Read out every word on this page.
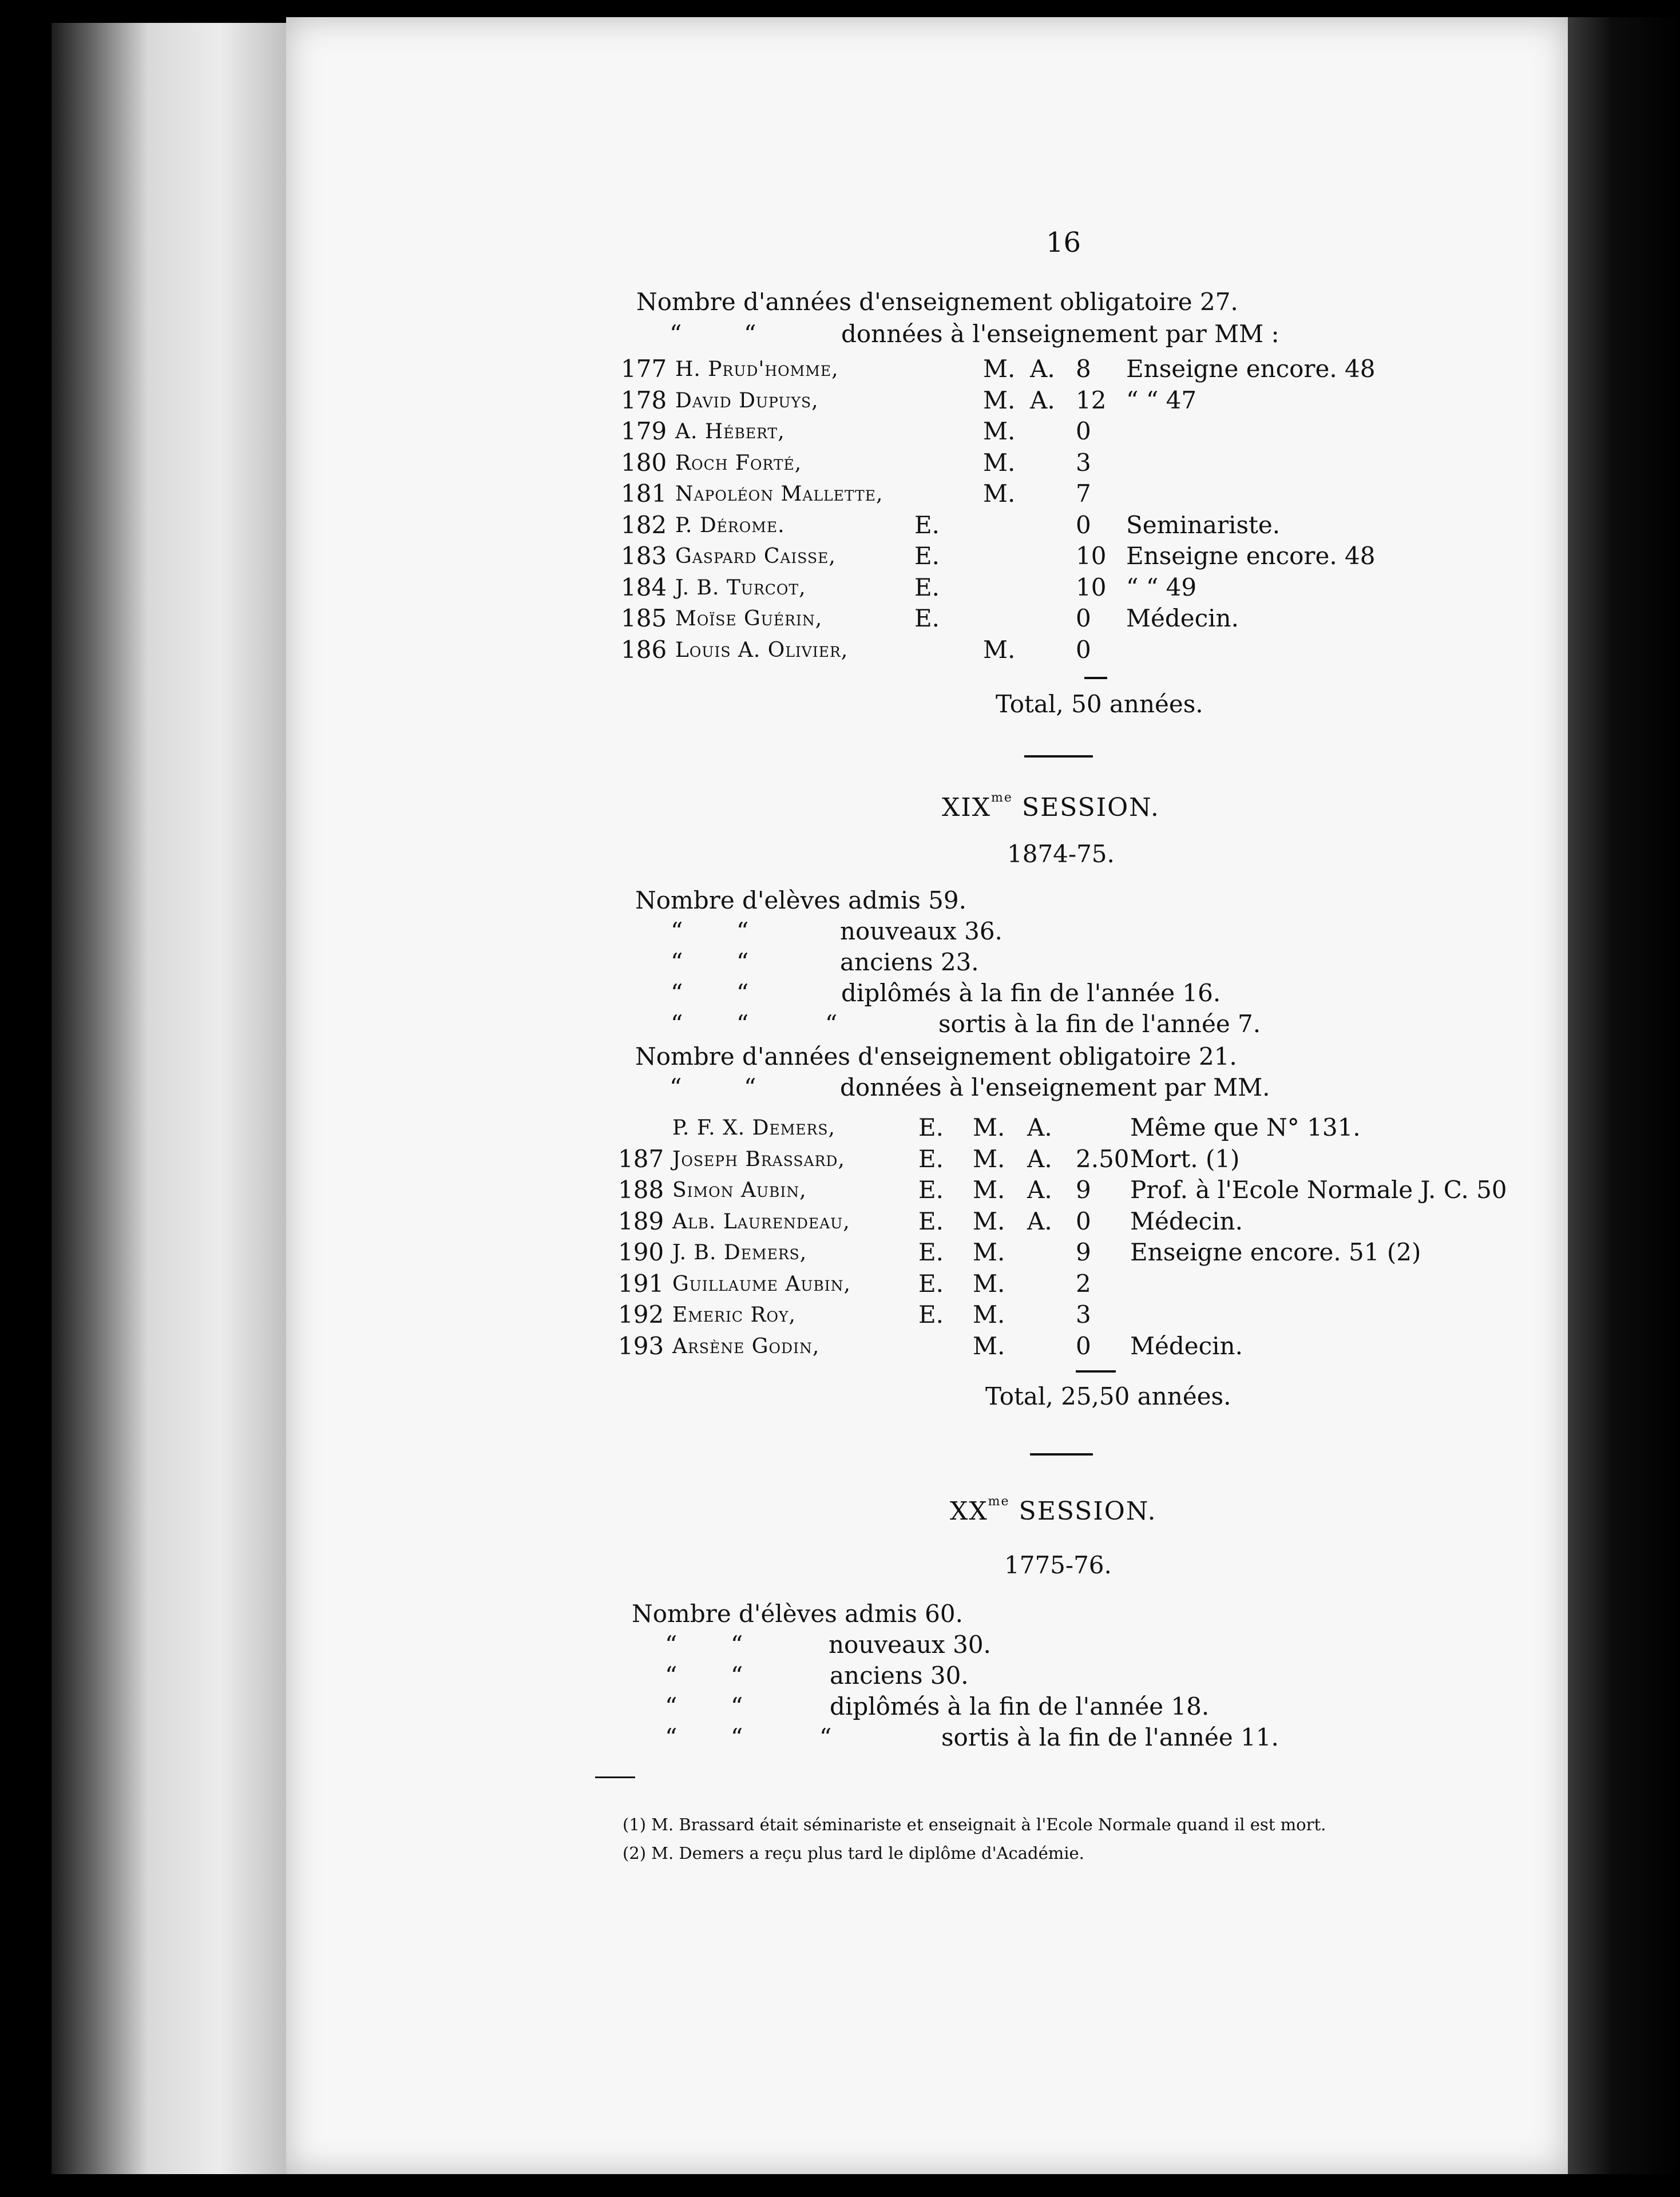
16
Nombre d'années d'enseignement obligatoire 27.
“	“	données à l'enseignement par MM :
177 H. Prud'homme,	M. A. 8 Enseigne encore. 48
178 David Dupuys,	M. A. 12 “ “ 47
179 A. Hébert,	M.	0
180 Roch Forté,	M.	3
181 Napoléon Mallette,	M.	7
182 P. Dérome.	E.	0 Seminariste.
183 Gaspard Caisse,	E.	10 Enseigne encore. 48
184 J. B. Turcot,	E.	10 “ “ 49
185 Moïse Guérin,	E.	0 Médecin.
186 Louis A. Olivier,	M.	0
Total, 50 années.
$XIX^{me}$ SESSION.
1874-75.
Nombre d'elèves admis 59.
“       “	nouveaux 36.
“       “	anciens 23.
“       “	diplômés à la fin de l'année 16.
“       “          “	sortis à la fin de l'année 7.
Nombre d'années d'enseignement obligatoire 21.
“	“	données à l'enseignement par MM.
P. F. X. Demers,	E. M. A.	Même que N° 131.
187 Joseph Brassard,	E. M. A. 2.50 Mort. (1)
188 Simon Aubin,	E. M. A. 9 Prof. à l'Ecole Normale J. C. 50
189 Alb. Laurendeau,	E. M. A. 0 Médecin.
190 J. B. Demers,	E. M.	9 Enseigne encore. 51 (2)
191 Guillaume Aubin,	E. M.	2
192 Emeric Roy,	E. M.	3
193 Arsène Godin,	M.	0 Médecin.
Total, 25,50 années.
$XX^{me}$ SESSION.
1775-76.
Nombre d'élèves admis 60.
“       “	nouveaux 30.
“       “	anciens 30.
“       “	diplômés à la fin de l'année 18.
“       “          “	sortis à la fin de l'année 11.
(1) M. Brassard était séminariste et enseignait à l'Ecole Normale quand il est mort.
(2) M. Demers a reçu plus tard le diplôme d'Académie.
